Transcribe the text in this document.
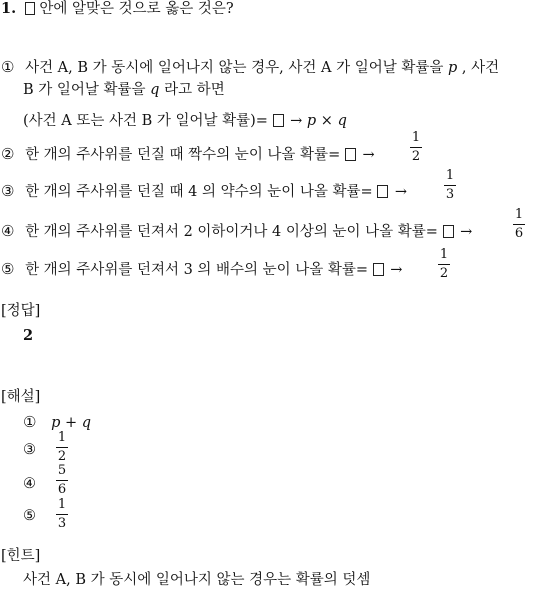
1. 안에 알맞은 것으로 옳은 것은?
① 사건 A, B 가 동시에 일어나지 않는 경우, 사건 A 가 일어날 확률을 p , 사건
B 가 일어날 확률을 q 라고 하면
(사건 A 또는 사건 B 가 일어날 확률)= → p × q
② 한 개의 주사위를 던질 때 짝수의 눈이 나올 확률= →
1
2
③ 한 개의 주사위를 던질 때 4 의 약수의 눈이 나올 확률= →
1
3
④ 한 개의 주사위를 던져서 2 이하이거나 4 이상의 눈이 나올 확률= →
1
6
⑤ 한 개의 주사위를 던져서 3 의 배수의 눈이 나올 확률= →
1
2
[정답]
2
[해설]
① p + q
③
1
2
④
5
6
⑤
1
3
[힌트]
사건 A, B 가 동시에 일어나지 않는 경우는 확률의 덧셈
